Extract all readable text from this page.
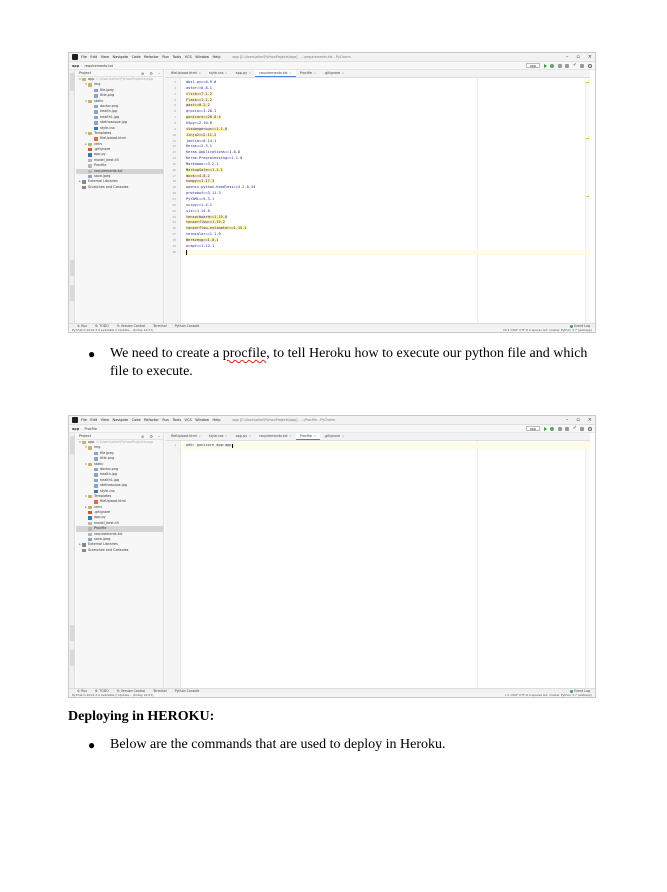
File Edit View Navigate Code Refactor Run Tools VCS Window Help	app [C:\Users\ahm\PythonProjects\app] - ...\requirements.txt - PyCharm	– ▫ ×
app › requirements.txt	app	✔
Project	⊕ ⚙ –
▾	app C:\Users\ahm\PythonProjects\app
▾	img
file.jpeg
title.png
▾	static
doctor.png
health.jpg
health1.jpg
stethoscope.jpg
style.css
▾	Templates
fileUpload.html
▸	venv
.gitignore
app.py
model_best.h5
Procfile
requirements.txt
save.jpeg
▸	External Libraries
Scratches and Consoles
fileUpload.html × style.css × app.py × requirements.txt × Procfile × .gitignore ×
1
2
3
4
5
6
7
8
9
10
11
12
13
14
15
16
17
18
19
20
21
22
23
24
25
26
27
28
29
30
absl-py==0.9.0
astor==0.8.1
click==7.1.2
Flask==1.1.2
gast==0.2.2
grpcio==1.28.1
gunicorn==20.0.4
h5py==2.10.0
itsdangerous==1.1.0
Jinja2==2.11.2
joblib==0.14.1
Keras==2.3.1
Keras-Applications==1.0.8
Keras-Preprocessing==1.1.0
Markdown==3.2.1
MarkupSafe==1.1.1
mock==4.0.2
numpy==1.17.3
opencv-python-headless==4.2.0.34
protobuf==3.11.3
PyYAML==5.3.1
scipy==1.4.1
six==1.14.0
tensorboard==1.15.0
tensorflow==1.15.2
tensorflow-estimator==1.15.1
termcolor==1.1.0
Werkzeug==1.0.1
wrapt==1.12.1
4: Run	6: TODO	9: Version Control	Terminal	Python Console	Event Log
PyCharm 2019.3.4 available // Update... (today 12:57)	30:1 CRLF UTF-8 4 spaces Git: master Python 3.7 (webapp)
● We need to create a procfile, to tell Heroku how to execute our python file and which
file to execute.
File Edit View Navigate Code Refactor Run Tools VCS Window Help	app [C:\Users\ahm\PythonProjects\app] - ...\Procfile - PyCharm	– ▫ ×
app › Procfile	app	✔
Project	⊕ ⚙ –
▾	app C:\Users\ahm\PythonProjects\app
▾	img
file.jpeg
title.png
▾	static
doctor.png
health.jpg
health1.jpg
stethoscope.jpg
style.css
▾	Templates
fileUpload.html
▸	venv
.gitignore
app.py
model_best.h5
Procfile
requirements.txt
save.jpeg
▸	External Libraries
Scratches and Consoles
fileUpload.html × style.css × app.py × requirements.txt × Procfile × .gitignore ×
1	web: gunicorn app:app
4: Run	6: TODO	9: Version Control	Terminal	Python Console	Event Log
PyCharm 2019.3.4 available // Update... (today 12:57)	1:1 CRLF UTF-8 4 spaces Git: master Python 3.7 (webapp)
Deploying in HEROKU:
● Below are the commands that are used to deploy in Heroku.
